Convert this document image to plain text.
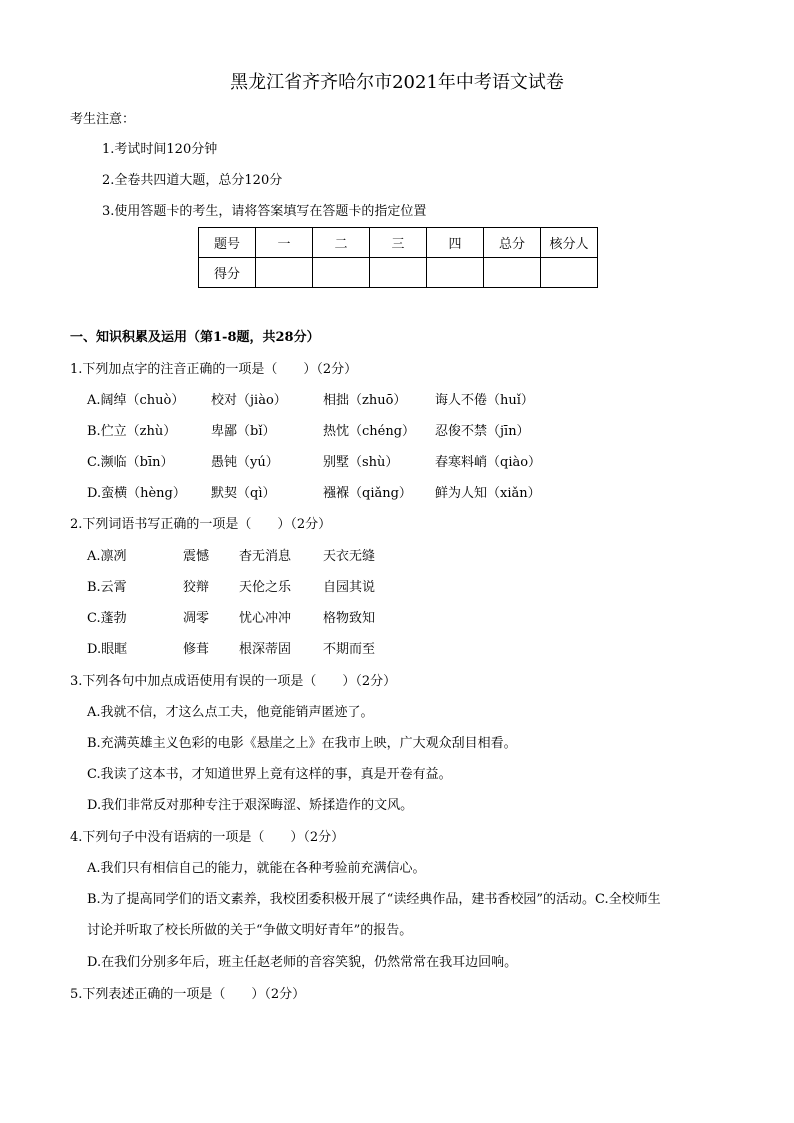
黑龙江省齐齐哈尔市2021年中考语文试卷
考生注意：
1.考试时间120分钟
2.全卷共四道大题，总分120分
3.使用答题卡的考生，请将答案填写在答题卡的指定位置
题号	一	二	三	四	总分	核分人
得分						
一、知识积累及运用（第1-8题，共28分）
1.下列加点字的注音正确的一项是（　　）（2分）
A.阔绰（chuò） 校对（jiào）	相拙（zhuō） 诲人不倦（huǐ）
B.伫立（zhù）	卑鄙（bǐ）	热忱（chéng） 忍俊不禁（jīn）
C.濒临（bīn）	愚钝（yú）	别墅（shù）	春寒料峭（qiào）
D.蛮横（hèng） 默契（qì）	襁褓（qiǎng） 鲜为人知（xiǎn）
2.下列词语书写正确的一项是（　　）（2分）
A.凛冽	震憾 杳无消息 天衣无缝
B.云霄	狡辩 天伦之乐 自园其说
C.蓬勃	凋零 忧心冲冲 格物致知
D.眼眶	修葺 根深蒂固 不期而至
3.下列各句中加点成语使用有误的一项是（　　）（2分）
A.我就不信，才这么点工夫，他竟能销声匿迹了。
B.充满英雄主义色彩的电影《悬崖之上》在我市上映，广大观众刮目相看。
C.我读了这本书，才知道世界上竟有这样的事，真是开卷有益。
D.我们非常反对那种专注于艰深晦涩、矫揉造作的文风。
4.下列句子中没有语病的一项是（　　）（2分）
A.我们只有相信自己的能力，就能在各种考验前充满信心。
B.为了提高同学们的语文素养，我校团委积极开展了“读经典作品，建书香校园”的活动。C.全校师生
讨论并听取了校长所做的关于“争做文明好青年”的报告。
D.在我们分别多年后，班主任赵老师的音容笑貌，仍然常常在我耳边回响。
5.下列表述正确的一项是（　　）（2分）
